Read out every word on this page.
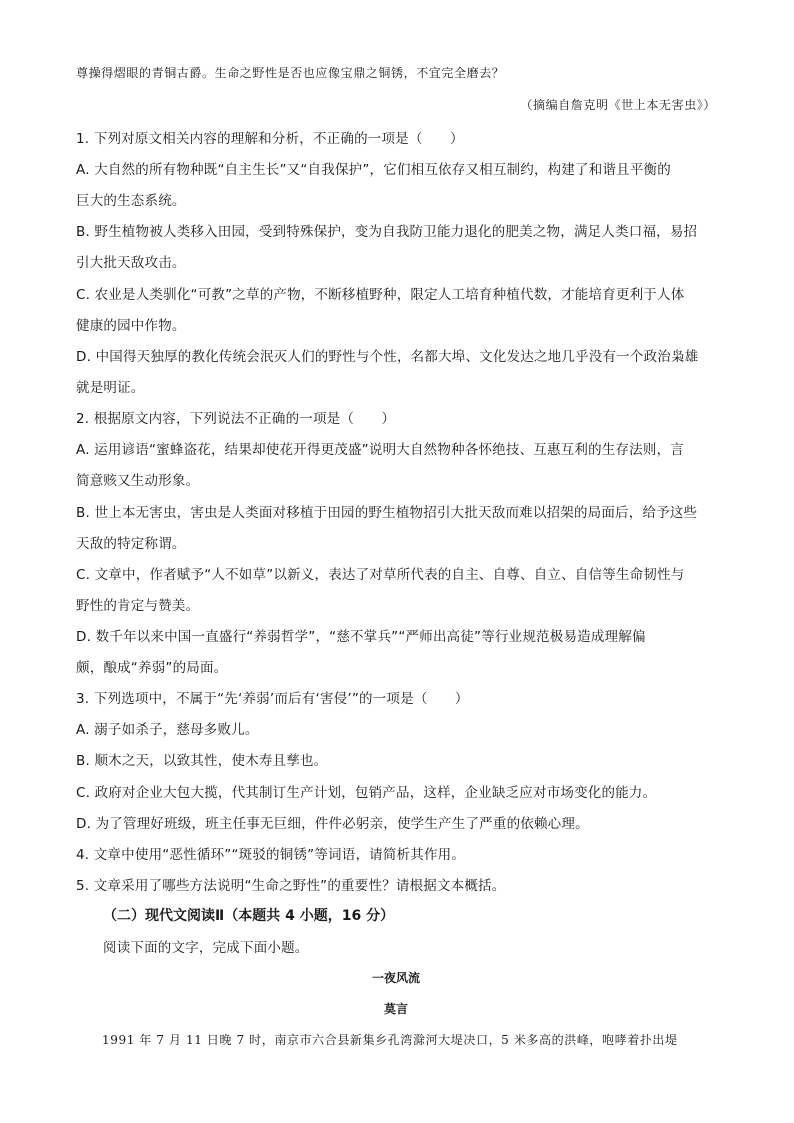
尊操得熠眼的青铜古爵。生命之野性是否也应像宝鼎之铜锈，不宜完全磨去？
（摘编自詹克明《世上本无害虫》）
1. 下列对原文相关内容的理解和分析，不正确的一项是（　　）
A. 大自然的所有物种既“自主生长”又“自我保护”，它们相互依存又相互制约，构建了和谐且平衡的
巨大的生态系统。
B. 野生植物被人类移入田园，受到特殊保护，变为自我防卫能力退化的肥美之物，满足人类口福，易招
引大批天敌攻击。
C. 农业是人类驯化“可教”之草的产物，不断移植野种，限定人工培育种植代数，才能培育更利于人体
健康的园中作物。
D. 中国得天独厚的教化传统会泯灭人们的野性与个性，名都大埠、文化发达之地几乎没有一个政治枭雄
就是明证。
2. 根据原文内容，下列说法不正确的一项是（　　）
A. 运用谚语“蜜蜂盗花，结果却使花开得更茂盛”说明大自然物种各怀绝技、互惠互利的生存法则，言
简意赅又生动形象。
B. 世上本无害虫，害虫是人类面对移植于田园的野生植物招引大批天敌而难以招架的局面后，给予这些
天敌的特定称谓。
C. 文章中，作者赋予“人不如草”以新义，表达了对草所代表的自主、自尊、自立、自信等生命韧性与
野性的肯定与赞美。
D. 数千年以来中国一直盛行“养弱哲学”，“慈不掌兵”“严师出高徒”等行业规范极易造成理解偏
颇，酿成“养弱”的局面。
3. 下列选项中，不属于“先‘养弱’而后有‘害侵’”的一项是（　　）
A. 溺子如杀子，慈母多败儿。
B. 顺木之天，以致其性，使木寿且孳也。
C. 政府对企业大包大揽，代其制订生产计划，包销产品，这样，企业缺乏应对市场变化的能力。
D. 为了管理好班级，班主任事无巨细，件件必躬亲，使学生产生了严重的依赖心理。
4. 文章中使用“恶性循环”“斑驳的铜锈”等词语，请简析其作用。
5. 文章采用了哪些方法说明“生命之野性”的重要性？请根据文本概括。
（二）现代文阅读Ⅱ（本题共 4 小题，16 分）
阅读下面的文字，完成下面小题。
一夜风流
莫言
1991 年 7 月 11 日晚 7 时，南京市六合县新集乡孔湾滁河大堤决口，5 米多高的洪峰，咆哮着扑出堤
